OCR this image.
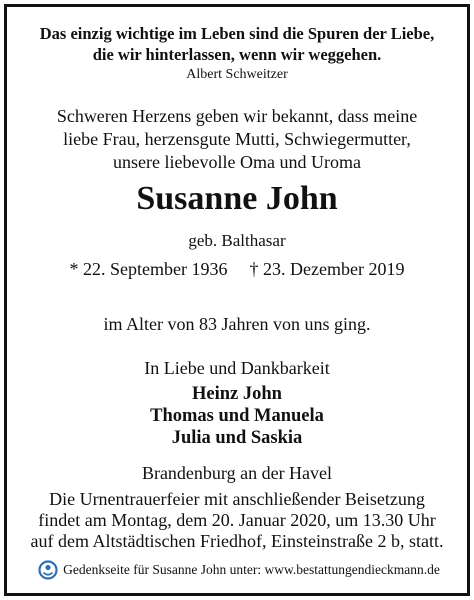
Das einzig wichtige im Leben sind die Spuren der Liebe,
die wir hinterlassen, wenn wir weggehen.
Albert Schweitzer
Schweren Herzens geben wir bekannt, dass meine
liebe Frau, herzensgute Mutti, Schwiegermutter,
unsere liebevolle Oma und Uroma
Susanne John
geb. Balthasar
* 22. September 1936 † 23. Dezember 2019
im Alter von 83 Jahren von uns ging.
In Liebe und Dankbarkeit
Heinz John
Thomas und Manuela
Julia und Saskia
Brandenburg an der Havel
Die Urnentrauerfeier mit anschließender Beisetzung
findet am Montag, dem 20. Januar 2020, um 13.30 Uhr
auf dem Altstädtischen Friedhof, Einsteinstraße 2 b, statt.
Gedenkseite für Susanne John unter: www.bestattungendieckmann.de
